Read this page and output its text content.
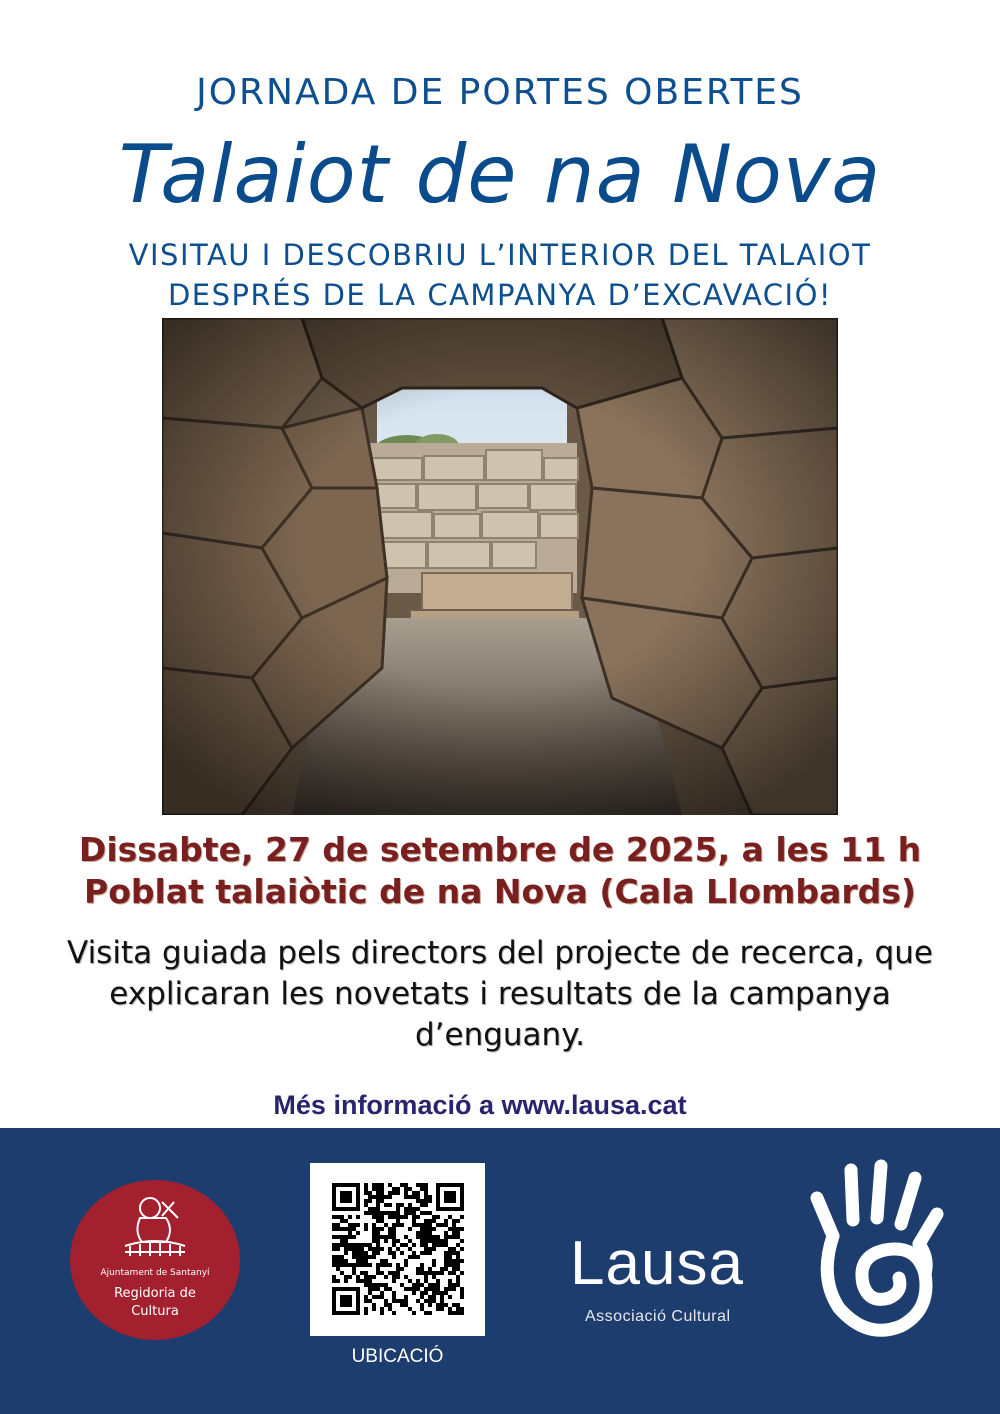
JORNADA DE PORTES OBERTES
Talaiot de na Nova
VISITAU I DESCOBRIU L’INTERIOR DEL TALAIOT
DESPRÉS DE LA CAMPANYA D’EXCAVACIÓ!
Dissabte, 27 de setembre de 2025, a les 11 h
Poblat talaiòtic de na Nova (Cala Llombards)
Visita guiada pels directors del projecte de recerca, que explicaran les novetats i resultats de la campanya d’enguany.
Més informació a www.lausa.cat
Ajuntament de Santanyí
Regidoria de Cultura
UBICACIÓ
Lausa
Associació Cultural
